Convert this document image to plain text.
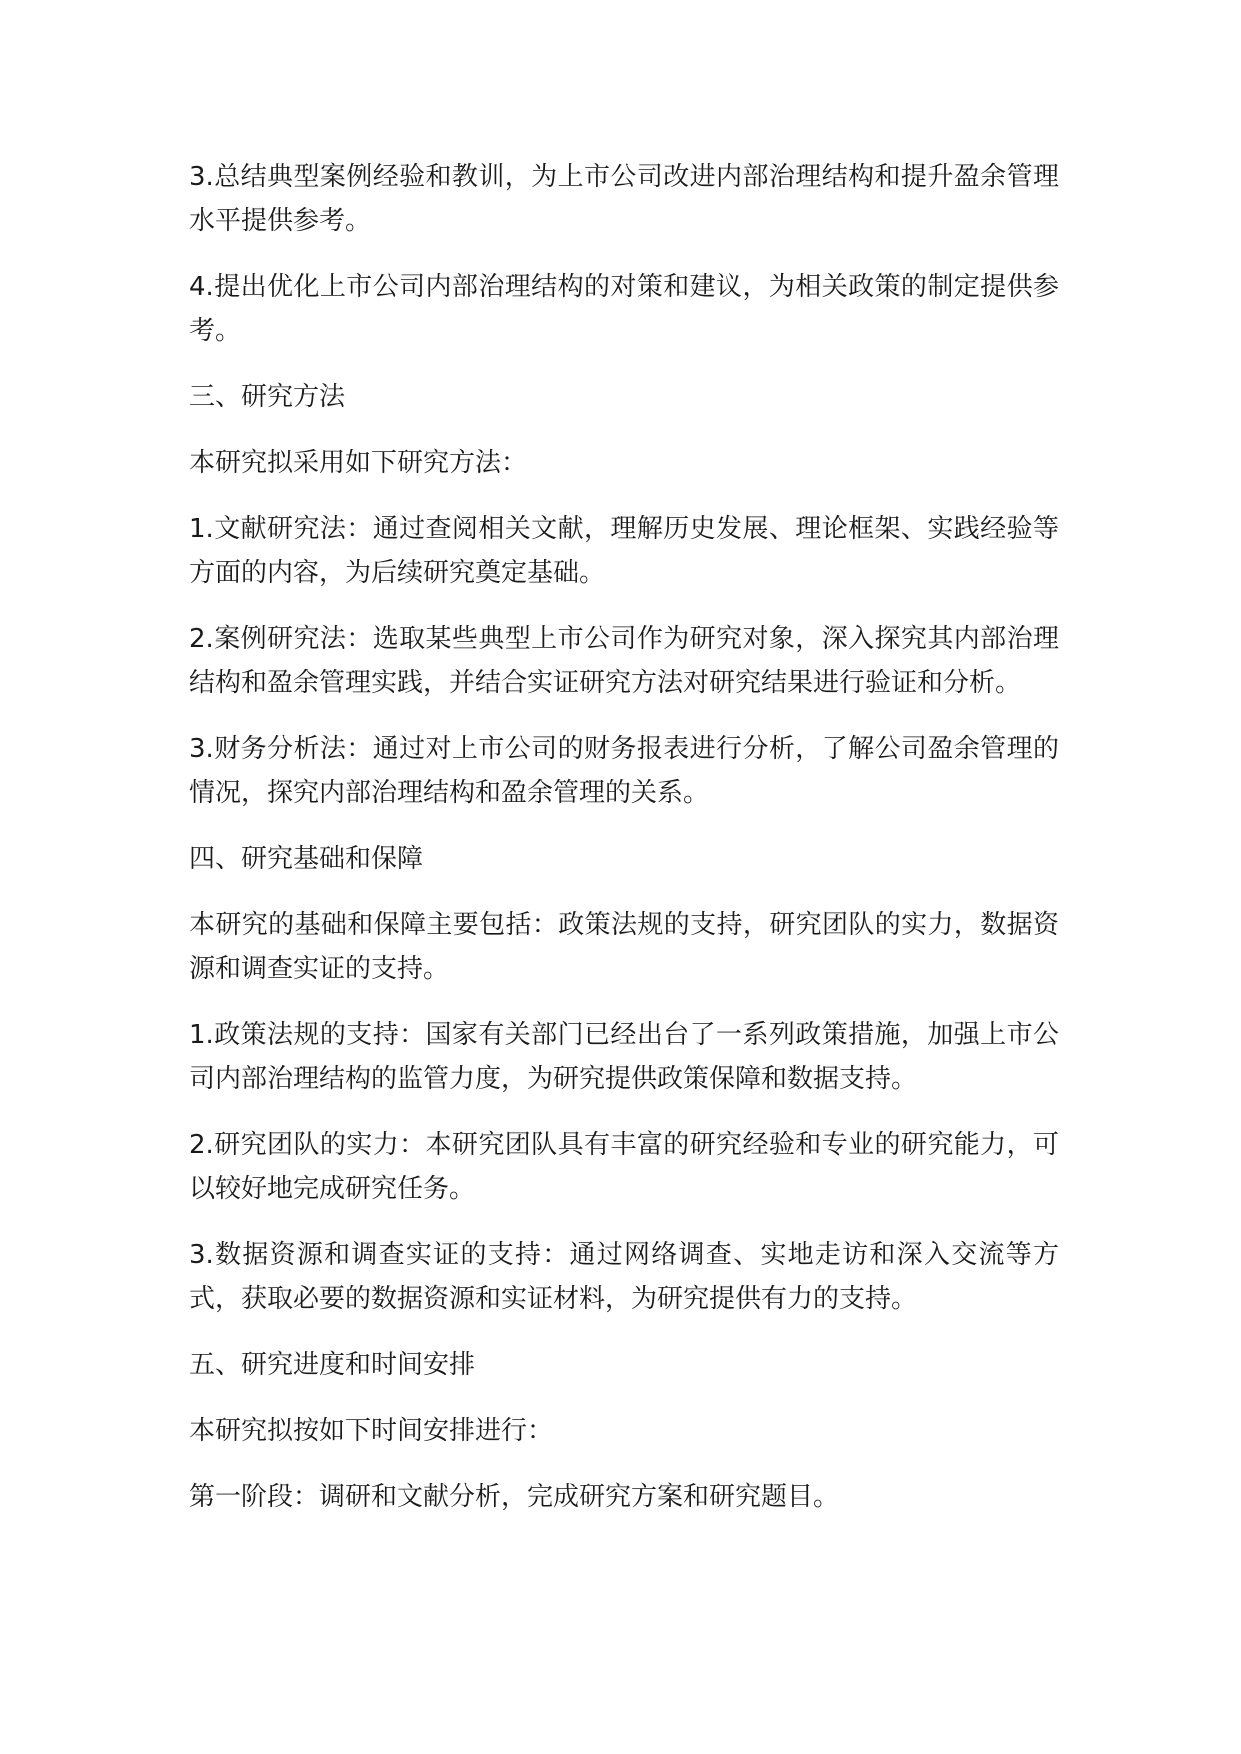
3.总结典型案例经验和教训，为上市公司改进内部治理结构和提升盈余管理水平提供参考。

4.提出优化上市公司内部治理结构的对策和建议，为相关政策的制定提供参考。

三、研究方法

本研究拟采用如下研究方法：

1.文献研究法：通过查阅相关文献，理解历史发展、理论框架、实践经验等方面的内容，为后续研究奠定基础。

2.案例研究法：选取某些典型上市公司作为研究对象，深入探究其内部治理结构和盈余管理实践，并结合实证研究方法对研究结果进行验证和分析。

3.财务分析法：通过对上市公司的财务报表进行分析，了解公司盈余管理的情况，探究内部治理结构和盈余管理的关系。

四、研究基础和保障

本研究的基础和保障主要包括：政策法规的支持，研究团队的实力，数据资源和调查实证的支持。

1.政策法规的支持：国家有关部门已经出台了一系列政策措施，加强上市公司内部治理结构的监管力度，为研究提供政策保障和数据支持。

2.研究团队的实力：本研究团队具有丰富的研究经验和专业的研究能力，可以较好地完成研究任务。

3.数据资源和调查实证的支持：通过网络调查、实地走访和深入交流等方式，获取必要的数据资源和实证材料，为研究提供有力的支持。

五、研究进度和时间安排

本研究拟按如下时间安排进行：

第一阶段：调研和文献分析，完成研究方案和研究题目。
